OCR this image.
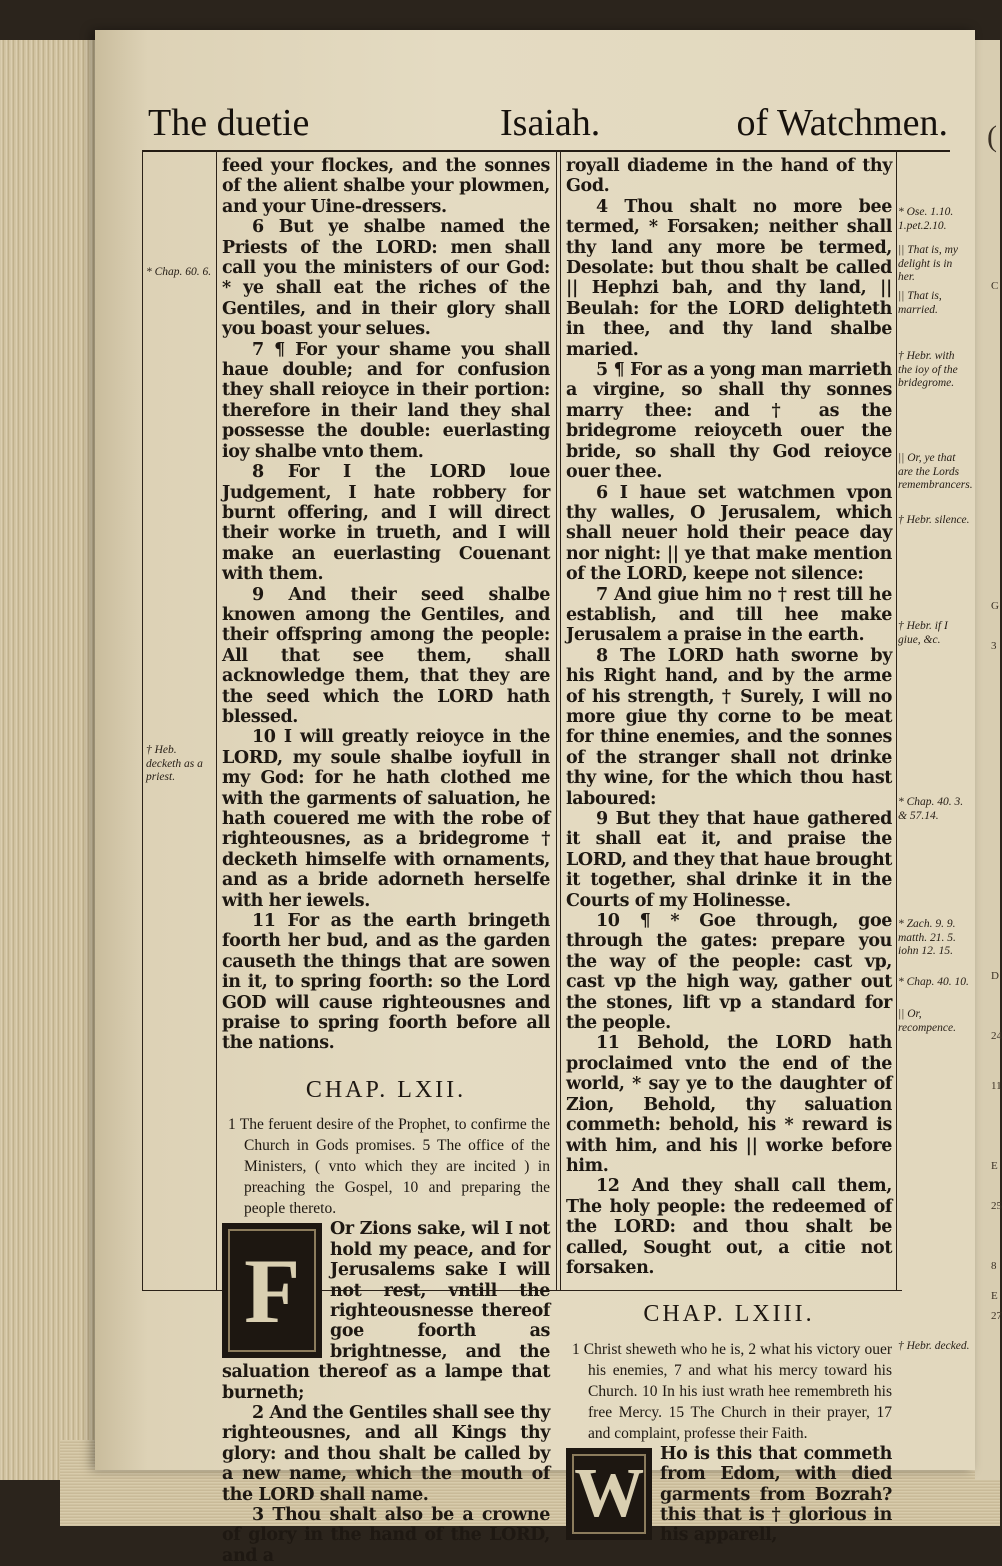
(
C
G
3
D
24
11
E
25
8
E
27
The duetie	Isaiah.	of Watchmen.

feed your flockes, and the sonnes of the alient shalbe your plowmen, and your Uine-dressers.

6 But ye shalbe named the Priests of the LORD: men shall call you the ministers of our God: * ye shall eat the riches of the Gentiles, and in their glory shall you boast your selues.

7 ¶ For your shame you shall haue double; and for confusion they shall reioyce in their portion: therefore in their land they shal possesse the double: euerlasting ioy shalbe vnto them.

8 For I the LORD loue Judgement, I hate robbery for burnt offering, and I will direct their worke in trueth, and I will make an euerlasting Couenant with them.

9 And their seed shalbe knowen among the Gentiles, and their offspring among the people: All that see them, shall acknowledge them, that they are the seed which the LORD hath blessed.

10 I will greatly reioyce in the LORD, my soule shalbe ioyfull in my God: for he hath clothed me with the garments of saluation, he hath couered me with the robe of righteousnes, as a bridegrome † decketh himselfe with ornaments, and as a bride adorneth herselfe with her iewels.

11 For as the earth bringeth foorth her bud, and as the garden causeth the things that are sowen in it, to spring foorth: so the Lord GOD will cause righteousnes and praise to spring foorth before all the nations.

CHAP. LXII.

1 The feruent desire of the Prophet, to confirme the Church in Gods promises. 5 The office of the Ministers, ( vnto which they are incited ) in preaching the Gospel, 10 and preparing the people thereto.

F

Or Zions sake, wil I not hold my peace, and for Jerusalems sake I will not rest, vntill the righteousnesse thereof goe foorth as brightnesse, and the saluation thereof as a lampe that burneth;

2 And the Gentiles shall see thy righteousnes, and all Kings thy glory: and thou shalt be called by a new name, which the mouth of the LORD shall name.

3 Thou shalt also be a crowne of glory in the hand of the LORD, and a

royall diademe in the hand of thy God.

4 Thou shalt no more bee termed, * Forsaken; neither shall thy land any more be termed, Desolate: but thou shalt be called || Hephzi bah, and thy land, || Beulah: for the LORD delighteth in thee, and thy land shalbe maried.

5 ¶ For as a yong man marrieth a virgine, so shall thy sonnes marry thee: and † as the bridegrome reioyceth ouer the bride, so shall thy God reioyce ouer thee.

6 I haue set watchmen vpon thy walles, O Jerusalem, which shall neuer hold their peace day nor night: || ye that make mention of the LORD, keepe not silence:

7 And giue him no † rest till he establish, and till hee make Jerusalem a praise in the earth.

8 The LORD hath sworne by his Right hand, and by the arme of his strength, † Surely, I will no more giue thy corne to be meat for thine enemies, and the sonnes of the stranger shall not drinke thy wine, for the which thou hast laboured:

9 But they that haue gathered it shall eat it, and praise the LORD, and they that haue brought it together, shal drinke it in the Courts of my Holinesse.

10 ¶ * Goe through, goe through the gates: prepare you the way of the people: cast vp, cast vp the high way, gather out the stones, lift vp a standard for the people.

11 Behold, the LORD hath proclaimed vnto the end of the world, * say ye to the daughter of Zion, Behold, thy saluation commeth: behold, his * reward is with him, and his || worke before him.

12 And they shall call them, The holy people: the redeemed of the LORD: and thou shalt be called, Sought out, a citie not forsaken.

CHAP. LXIII.

1 Christ sheweth who he is, 2 what his victory ouer his enemies, 7 and what his mercy toward his Church. 10 In his iust wrath hee remembreth his free Mercy. 15 The Church in their prayer, 17 and complaint, professe their Faith.

W

Ho is this that commeth from Edom, with died garments from Bozrah? this that is † glorious in his apparell,

* Chap. 60. 6.
† Heb. decketh as a priest.
* Ose. 1.10. 1.pet.2.10.
|| That is, my delight is in her.
|| That is, married.
† Hebr. with the ioy of the bridegrome.
|| Or, ye that are the Lords remembrancers.
† Hebr. silence.
† Hebr. if I giue, &c.
* Chap. 40. 3. & 57.14.
* Zach. 9. 9. matth. 21. 5. iohn 12. 15.
* Chap. 40. 10.
|| Or, recompence.
† Hebr. decked.
